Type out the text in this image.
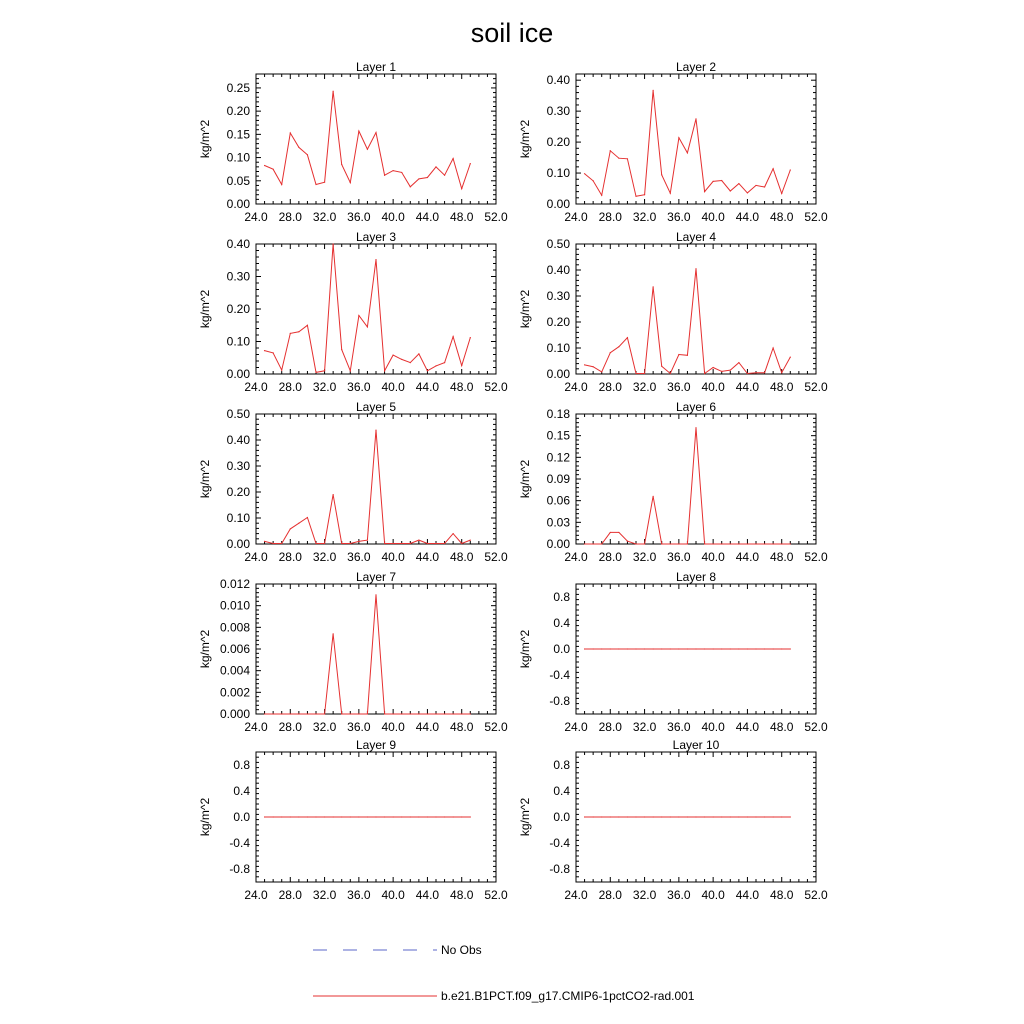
soil ice
Layer 1
kg/m^2
24.0 28.0 32.0 36.0 40.0 44.0 48.0 52.0
0.00
0.05
0.10
0.15
0.20
0.25
Layer 2
kg/m^2
24.0 28.0 32.0 36.0 40.0 44.0 48.0 52.0
0.00
0.10
0.20
0.30
0.40
Layer 3
kg/m^2
24.0 28.0 32.0 36.0 40.0 44.0 48.0 52.0
0.00
0.10
0.20
0.30
0.40	Layer 4
kg/m^2
24.0 28.0 32.0 36.0 40.0 44.0 48.0 52.0
0.00
0.10
0.20
0.30
0.40
0.50
Layer 5
kg/m^2
24.0 28.0 32.0 36.0 40.0 44.0 48.0 52.0
0.00
0.10
0.20
0.30
0.40
0.50	Layer 6
kg/m^2
24.0 28.0 32.0 36.0 40.0 44.0 48.0 52.0
0.00
0.03
0.06
0.09
0.12
0.15
0.18
Layer 7
kg/m^2
24.0 28.0 32.0 36.0 40.0 44.0 48.0 52.0
0.000
0.002
0.004
0.006
0.008
0.010
0.012	Layer 8
kg/m^2
24.0 28.0 32.0 36.0 40.0 44.0 48.0 52.0
-0.8
-0.4
0.0
0.4
0.8
Layer 9
kg/m^2
24.0 28.0 32.0 36.0 40.0 44.0 48.0 52.0
-0.8
-0.4
0.0
0.4
0.8
Layer 10
kg/m^2
24.0 28.0 32.0 36.0 40.0 44.0 48.0 52.0
-0.8
-0.4
0.0
0.4
0.8
No Obs
b.e21.B1PCT.f09_g17.CMIP6-1pctCO2-rad.001
